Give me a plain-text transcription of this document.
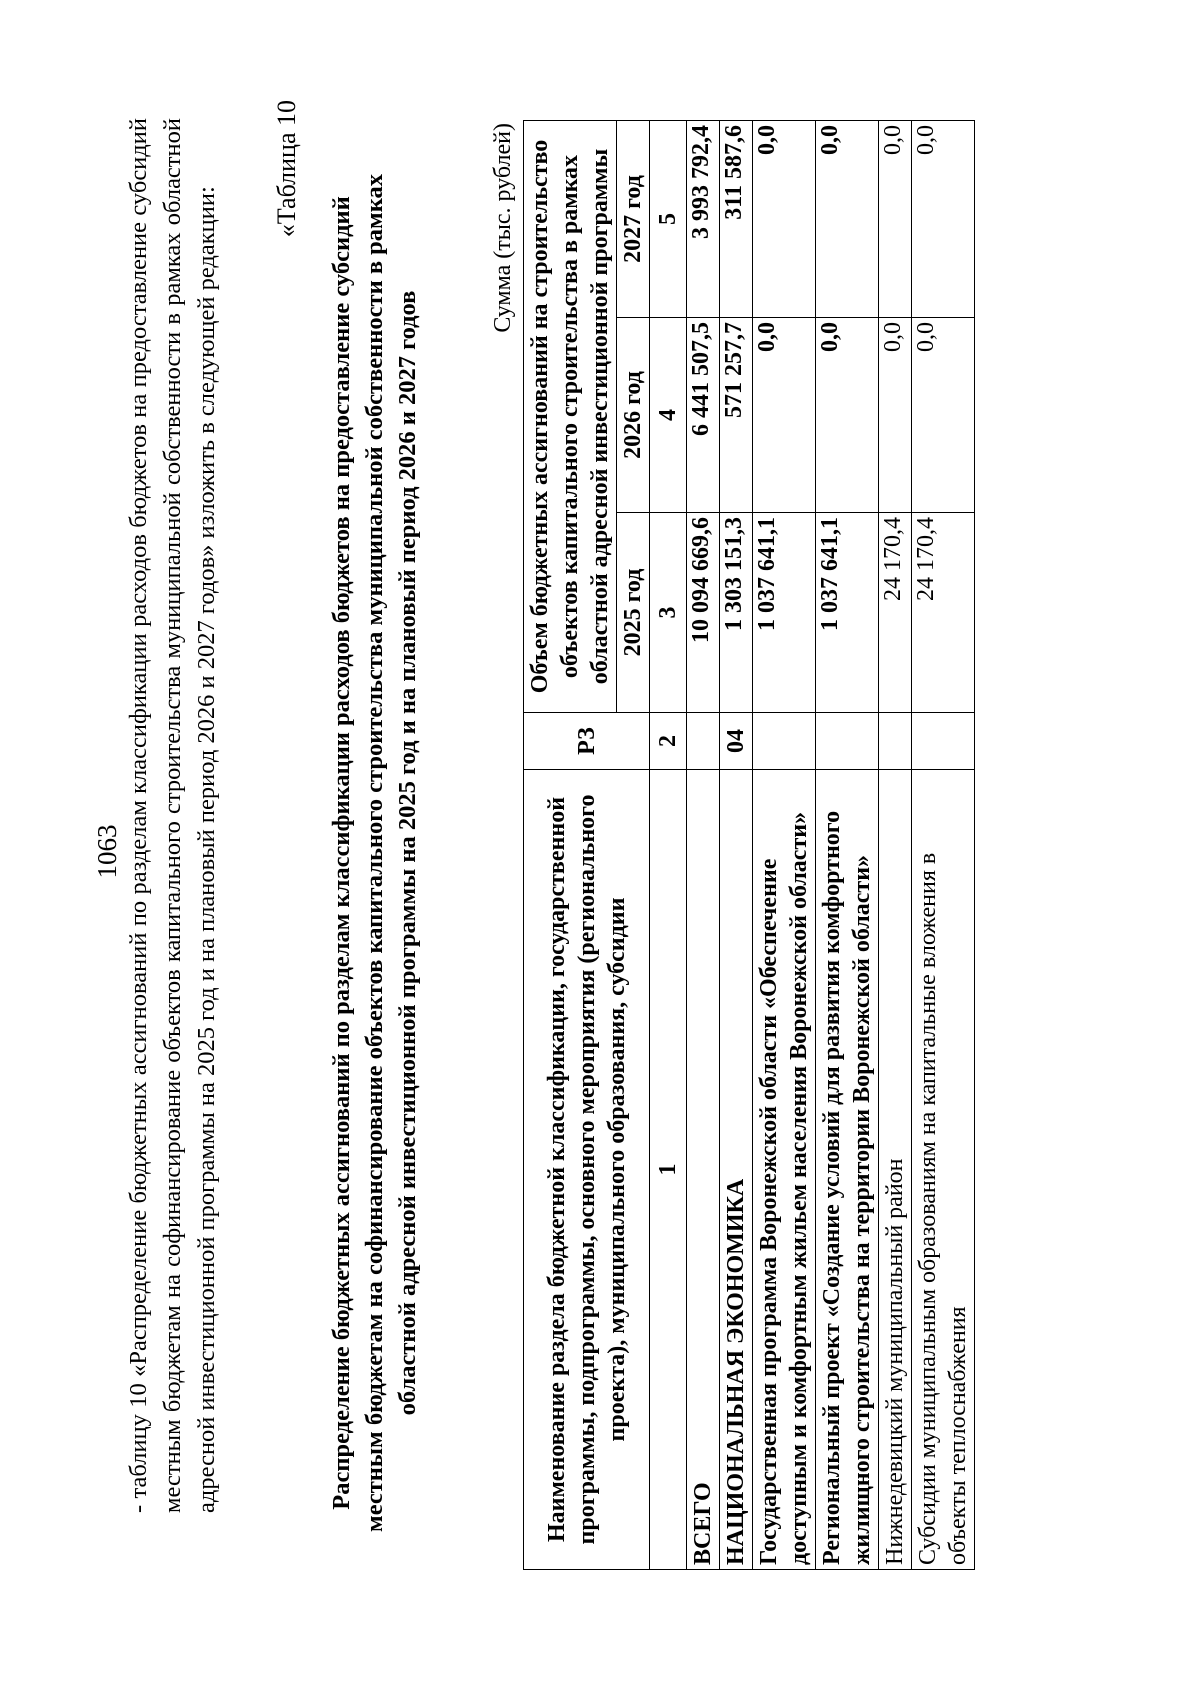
1063 - таблицу 10 «Распределение бюджетных ассигнований по разделам классификации расходов бюджетов на предоставление субсидий местным бюджетам на софинансирование объектов капитального строительства муниципальной собственности в рамках областной адресной инвестиционной программы на 2025 год и на плановый период 2026 и 2027 годов» изложить в следующей редакции:

«Таблица 10

Распределение бюджетных ассигнований по разделам классификации расходов бюджетов на предоставление субсидий местным бюджетам на софинансирование объектов капитального строительства муниципальной собственности в рамках областной адресной инвестиционной программы на 2025 год и на плановый период 2026 и 2027 годов

Сумма (тыс. рублей)
Наименование раздела бюджетной классификации, государственной программы, подпрограммы, основного мероприятия (регионального проекта), муниципального образования, субсидии	РЗ	Объем бюджетных ассигнований на строительство объектов капитального строительства в рамках областной адресной инвестиционной программы		
		2025 год	2026 год	2027 год
1	2	3	4	5
ВСЕГО		10 094 669,6	6 441 507,5	3 993 792,4
НАЦИОНАЛЬНАЯ ЭКОНОМИКА	04	1 303 151,3	571 257,7	311 587,6
Государственная программа Воронежской области «Обеспечение доступным и комфортным жильем населения Воронежской области»		1 037 641,1	0,0	0,0
Региональный проект «Создание условий для развития комфортного жилищного строительства на территории Воронежской области»		1 037 641,1	0,0	0,0
Нижнедевицкий муниципальный район		24 170,4	0,0	0,0
Субсидии муниципальным образованиям на капитальные вложения в объекты теплоснабжения		24 170,4	0,0	0,0
